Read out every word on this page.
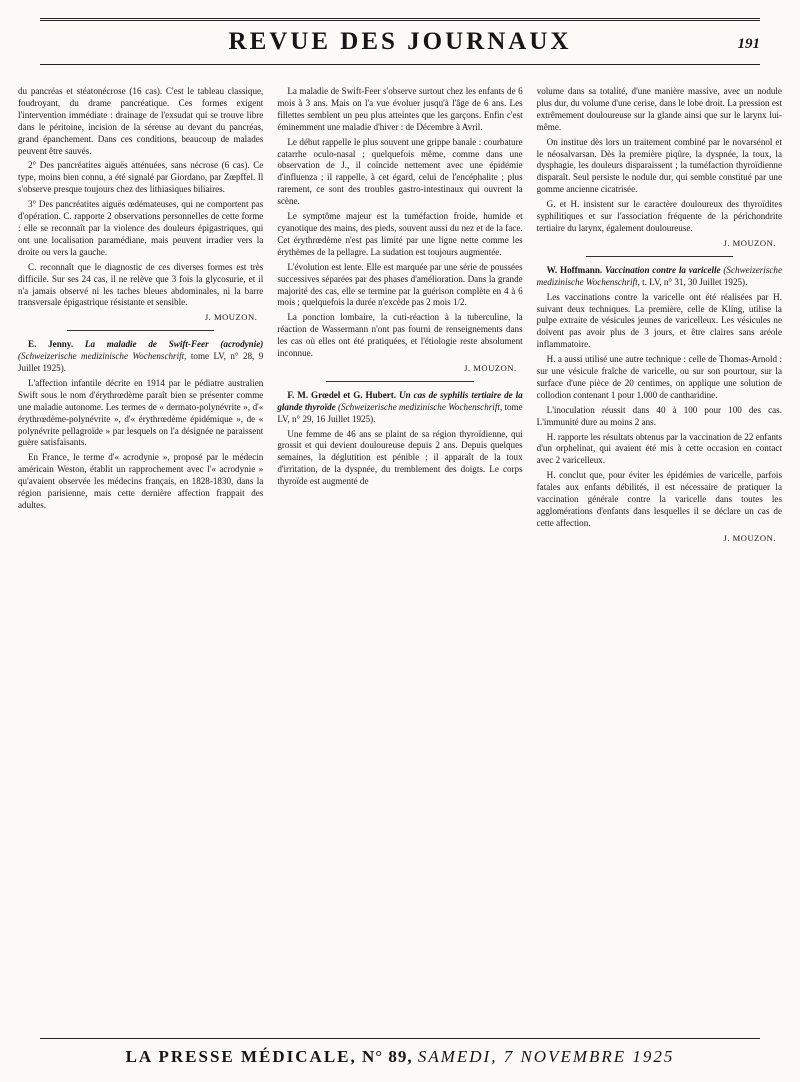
REVUE DES JOURNAUX	191

du pancréas et stéatonécrose (16 cas). C'est le tableau classique, foudroyant, du drame pancréatique. Ces formes exigent l'intervention immédiate : drainage de l'exsudat qui se trouve libre dans le péritoine, incision de la séreuse au devant du pancréas, grand épanchement. Dans ces conditions, beaucoup de malades peuvent être sauvés.

2° Des pancréatites aiguës atténuées, sans nécrose (6 cas). Ce type, moins bien connu, a été signalé par Giordano, par Zœpffel. Il s'observe presque toujours chez des lithiasiques biliaires.

3° Des pancréatites aiguës œdémateuses, qui ne comportent pas d'opération. C. rapporte 2 observations personnelles de cette forme : elle se reconnaît par la violence des douleurs épigastriques, qui ont une localisation paramédiane, mais peuvent irradier vers la droite ou vers la gauche.

C. reconnaît que le diagnostic de ces diverses formes est très difficile. Sur ses 24 cas, il ne relève que 3 fois la glycosurie, et il n'a jamais observé ni les taches bleues abdominales, ni la barre transversale épigastrique résistante et sensible.

J. MOUZON.

E. Jenny. La maladie de Swift-Feer (acrodynie) (Schweizerische medizinische Wochenschrift, tome LV, n° 28, 9 Juillet 1925).

L'affection infantile décrite en 1914 par le pédiatre australien Swift sous le nom d'érythrœdème paraît bien se présenter comme une maladie autonome. Les termes de « dermato-polynévrite », d'« érythrœdème-polynévrite », d'« érythrœdème épidémique », de « polynévrite pellagroïde » par lesquels on l'a désignée ne paraissent guère satisfaisants.

En France, le terme d'« acrodynie », proposé par le médecin américain Weston, établit un rapprochement avec l'« acrodynie » qu'avaient observée les médecins français, en 1828-1830, dans la région parisienne, mais cette dernière affection frappait des adultes.

La maladie de Swift-Feer s'observe surtout chez les enfants de 6 mois à 3 ans. Mais on l'a vue évoluer jusqu'à l'âge de 6 ans. Les fillettes semblent un peu plus atteintes que les garçons. Enfin c'est éminemment une maladie d'hiver : de Décembre à Avril.

Le début rappelle le plus souvent une grippe banale : courbature catarrhe oculo-nasal ; quelquefois même, comme dans une observation de J., il coïncide nettement avec une épidémie d'influenza ; il rappelle, à cet égard, celui de l'encéphalite ; plus rarement, ce sont des troubles gastro-intestinaux qui ouvrent la scène.

Le symptôme majeur est la tuméfaction froide, humide et cyanotique des mains, des pieds, souvent aussi du nez et de la face. Cet érythrœdème n'est pas limité par une ligne nette comme les érythèmes de la pellagre. La sudation est toujours augmentée.

L'évolution est lente. Elle est marquée par une série de poussées successives séparées par des phases d'amélioration. Dans la grande majorité des cas, elle se termine par la guérison complète en 4 à 6 mois ; quelquefois la durée n'excède pas 2 mois 1/2.

La ponction lombaire, la cuti-réaction à la tuberculine, la réaction de Wassermann n'ont pas fourni de renseignements dans les cas où elles ont été pratiquées, et l'étiologie reste absolument inconnue.

J. MOUZON.

F. M. Grœdel et G. Hubert. Un cas de syphilis tertiaire de la glande thyroïde (Schweizerische medizinische Wochenschrift, tome LV, n° 29, 16 Juillet 1925).

Une femme de 46 ans se plaint de sa région thyroïdienne, qui grossit et qui devient douloureuse depuis 2 ans. Depuis quelques semaines, la déglutition est pénible ; il apparaît de la toux d'irritation, de la dyspnée, du tremblement des doigts. Le corps thyroïde est augmenté de

volume dans sa totalité, d'une manière massive, avec un nodule plus dur, du volume d'une cerise, dans le lobe droit. La pression est extrêmement douloureuse sur la glande ainsi que sur le larynx lui-même.

On institue dès lors un traitement combiné par le novarsénol et le néosalvarsan. Dès la première piqûre, la dyspnée, la toux, la dysphagie, les douleurs disparaissent ; la tuméfaction thyroïdienne disparaît. Seul persiste le nodule dur, qui semble constitué par une gomme ancienne cicatrisée.

G. et H. insistent sur le caractère douloureux des thyroïdites syphilitiques et sur l'association fréquente de la périchondrite tertiaire du larynx, également douloureuse.

J. MOUZON.

W. Hoffmann. Vaccination contre la varicelle (Schweizerische medizinische Wochenschrift, t. LV, n° 31, 30 Juillet 1925).

Les vaccinations contre la varicelle ont été réalisées par H. suivant deux techniques. La première, celle de Kling, utilise la pulpe extraite de vésicules jeunes de varicelleux. Les vésicules ne doivent pas avoir plus de 3 jours, et être claires sans aréole inflammatoire.

H. a aussi utilisé une autre technique : celle de Thomas-Arnold : sur une vésicule fraîche de varicelle, ou sur son pourtour, sur la surface d'une pièce de 20 centimes, on applique une solution de collodion contenant 1 pour 1.000 de cantharidine.

L'inoculation réussit dans 40 à 100 pour 100 des cas. L'immunité dure au moins 2 ans.

H. rapporte les résultats obtenus par la vaccination de 22 enfants d'un orphelinat, qui avaient été mis à cette occasion en contact avec 2 varicelleux.

H. conclut que, pour éviter les épidémies de varicelle, parfois fatales aux enfants débilités, il est nécessaire de pratiquer la vaccination générale contre la varicelle dans toutes les agglomérations d'enfants dans lesquelles il se déclare un cas de cette affection.

J. MOUZON.
LA PRESSE MÉDICALE, N° 89, SAMEDI, 7 NOVEMBRE 1925
